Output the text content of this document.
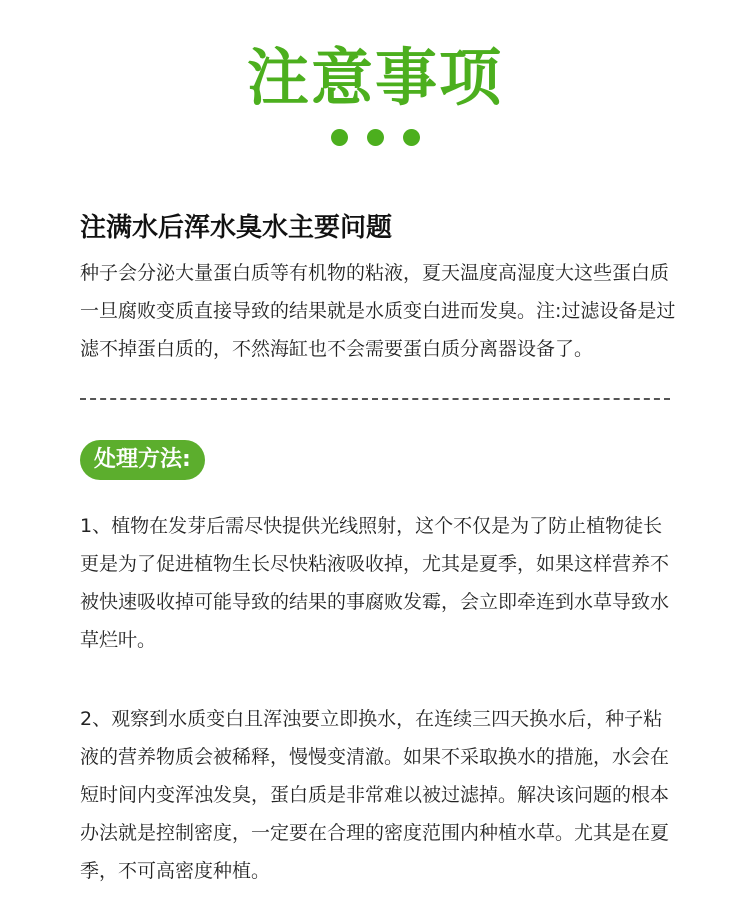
注意事项
注满水后浑水臭水主要问题

种子会分泌大量蛋白质等有机物的粘液，夏天温度高湿度大这些蛋白质一旦腐败变质直接导致的结果就是水质变白进而发臭。注:过滤设备是过滤不掉蛋白质的，不然海缸也不会需要蛋白质分离器设备了。

处理方法:

1、植物在发芽后需尽快提供光线照射，这个不仅是为了防止植物徒长更是为了促进植物生长尽快粘液吸收掉，尤其是夏季，如果这样营养不被快速吸收掉可能导致的结果的事腐败发霉，会立即牵连到水草导致水草烂叶。

2、观察到水质变白且浑浊要立即换水，在连续三四天换水后，种子粘液的营养物质会被稀释，慢慢变清澈。如果不采取换水的措施，水会在短时间内变浑浊发臭，蛋白质是非常难以被过滤掉。解决该问题的根本办法就是控制密度，一定要在合理的密度范围内种植水草。尤其是在夏季，不可高密度种植。
